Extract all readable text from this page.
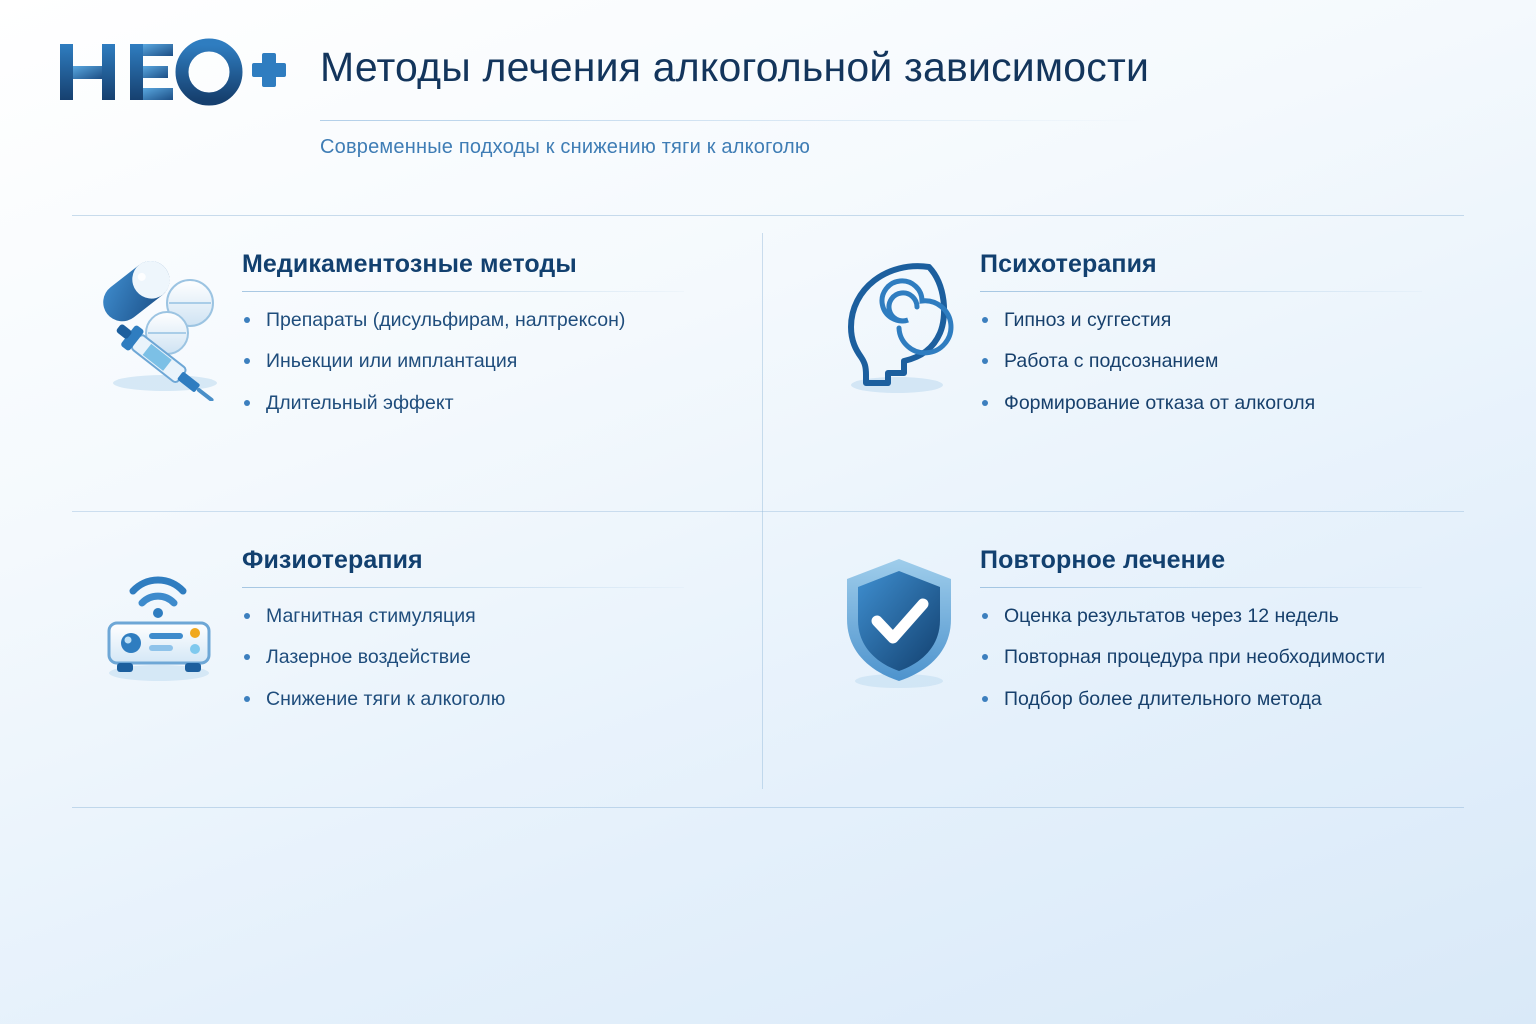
Методы лечения алкогольной зависимости
Современные подходы к снижению тяги к алкоголю
Медикаментозные методы
Препараты (дисульфирам, налтрексон)
Иньекции или имплантация
Длительный эффект
Психотерапия
Гипноз и суггестия
Работа с подсознанием
Формирование отказа от алкоголя
Физиотерапия
Магнитная стимуляция
Лазерное воздействие
Снижение тяги к алкоголю
Повторное лечение
Оценка результатов через 12 недель
Повторная процедура при необходимости
Подбор более длительного метода
